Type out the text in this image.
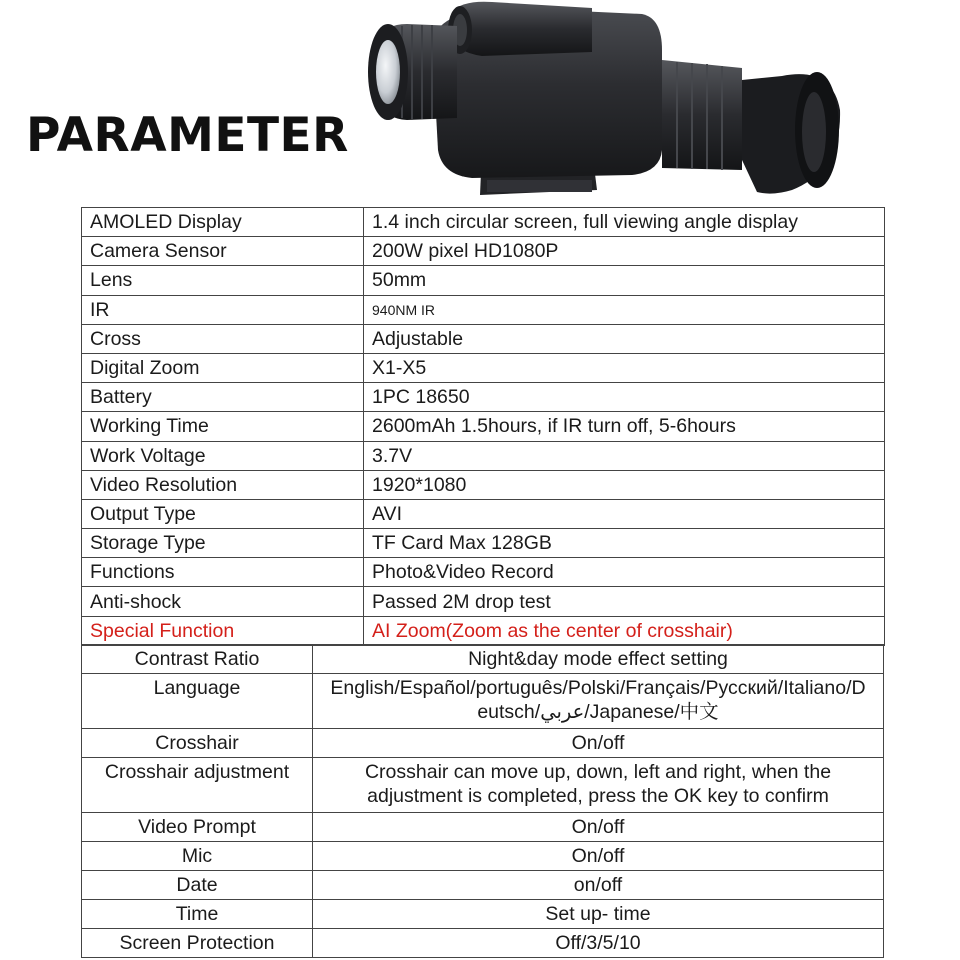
PARAMETER
AMOLED Display	1.4 inch circular screen, full viewing angle display
Camera Sensor	200W pixel HD1080P
Lens	50mm
IR	940NM IR
Cross	Adjustable
Digital Zoom	X1-X5
Battery	1PC 18650
Working Time	2600mAh 1.5hours, if IR turn off, 5-6hours
Work Voltage	3.7V
Video Resolution	1920*1080
Output Type	AVI
Storage Type	TF Card Max 128GB
Functions	Photo&Video Record
Anti-shock	Passed 2M drop test
Special Function	AI Zoom(Zoom as the center of crosshair)
Contrast Ratio	Night&day mode effect setting

Language	English/Español/português/Polski/Français/Русский/Italiano/D
eutsch/عربي/Japanese/中文

Crosshair	On/off

Crosshair adjustment	Crosshair can move up, down, left and right, when the
adjustment is completed, press the OK key to confirm

Video Prompt	On/off

Mic	On/off

Date	on/off

Time	Set up- time

Screen Protection	Off/3/5/10
